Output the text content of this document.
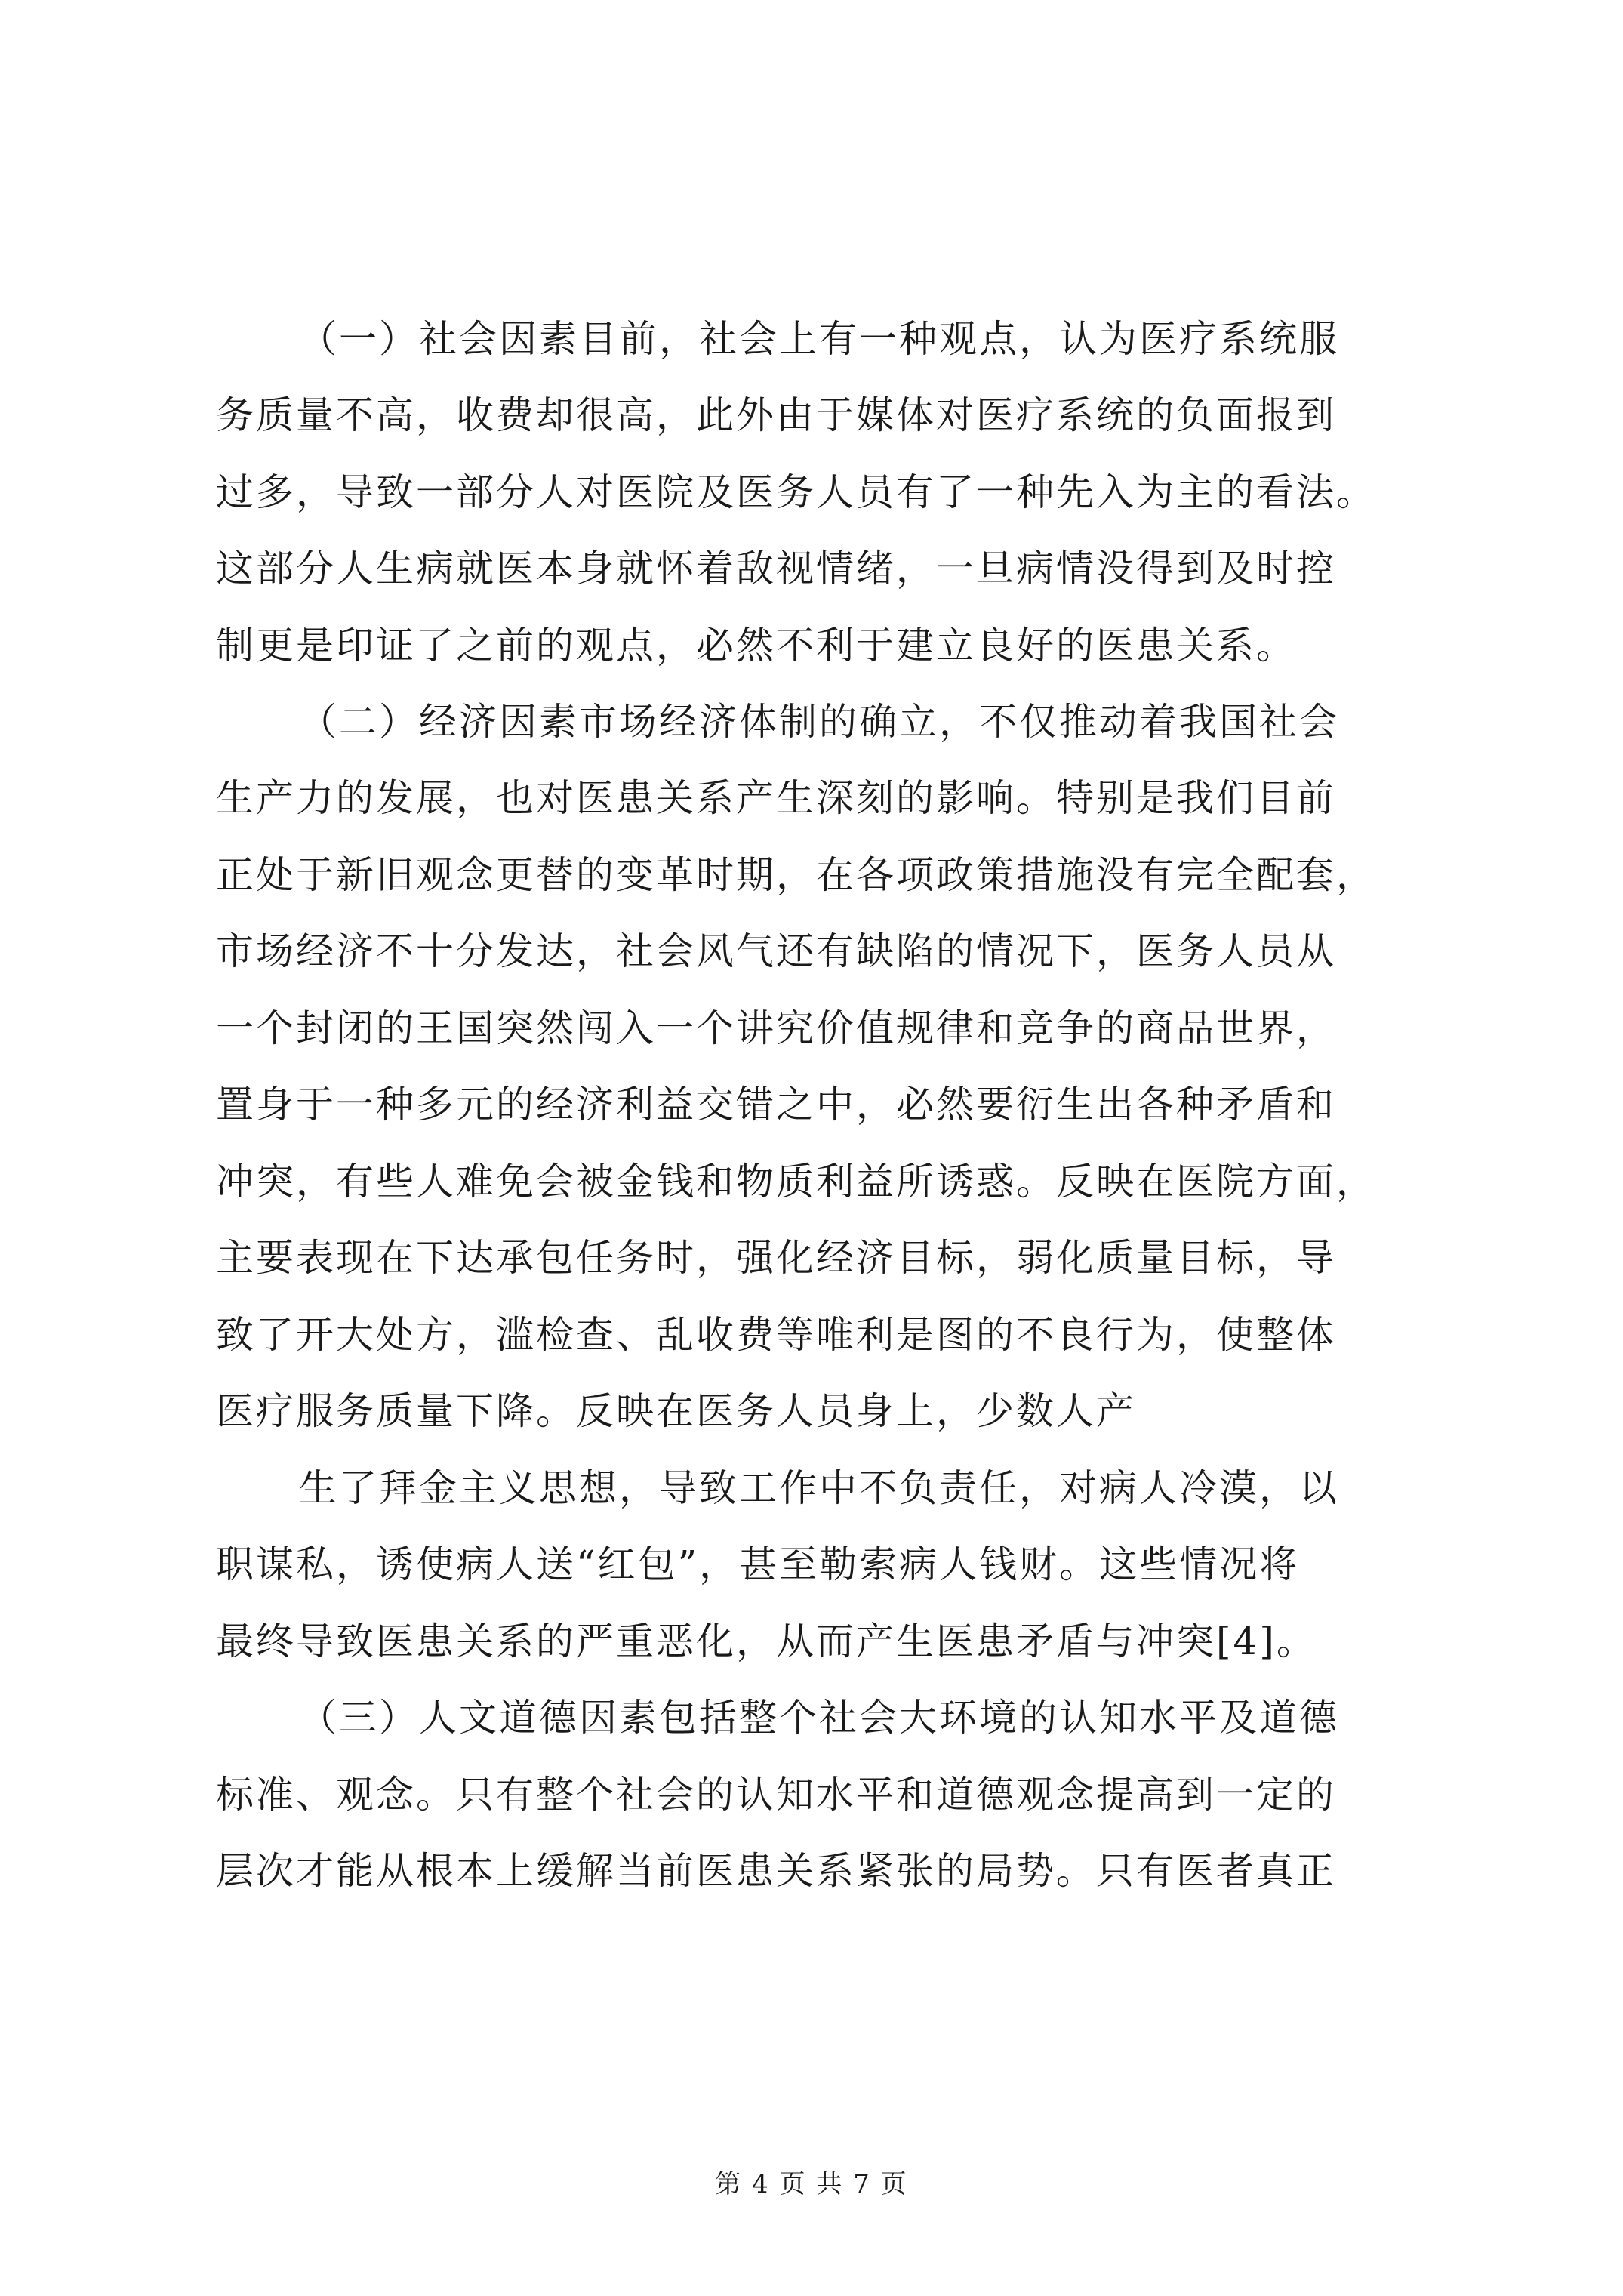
（一）社会因素目前，社会上有一种观点，认为医疗系统服
务质量不高，收费却很高，此外由于媒体对医疗系统的负面报到
过多，导致一部分人对医院及医务人员有了一种先入为主的看法。
这部分人生病就医本身就怀着敌视情绪，一旦病情没得到及时控
制更是印证了之前的观点，必然不利于建立良好的医患关系。
（二）经济因素市场经济体制的确立，不仅推动着我国社会
生产力的发展，也对医患关系产生深刻的影响。特别是我们目前
正处于新旧观念更替的变革时期，在各项政策措施没有完全配套，
市场经济不十分发达，社会风气还有缺陷的情况下，医务人员从
一个封闭的王国突然闯入一个讲究价值规律和竞争的商品世界，
置身于一种多元的经济利益交错之中，必然要衍生出各种矛盾和
冲突，有些人难免会被金钱和物质利益所诱惑。反映在医院方面，
主要表现在下达承包任务时，强化经济目标，弱化质量目标，导
致了开大处方，滥检查、乱收费等唯利是图的不良行为，使整体
医疗服务质量下降。反映在医务人员身上，少数人产
生了拜金主义思想，导致工作中不负责任，对病人冷漠，以
职谋私，诱使病人送“红包”，甚至勒索病人钱财。这些情况将
最终导致医患关系的严重恶化，从而产生医患矛盾与冲突[4]。
（三）人文道德因素包括整个社会大环境的认知水平及道德
标准、观念。只有整个社会的认知水平和道德观念提高到一定的
层次才能从根本上缓解当前医患关系紧张的局势。只有医者真正
第 4 页 共 7 页
